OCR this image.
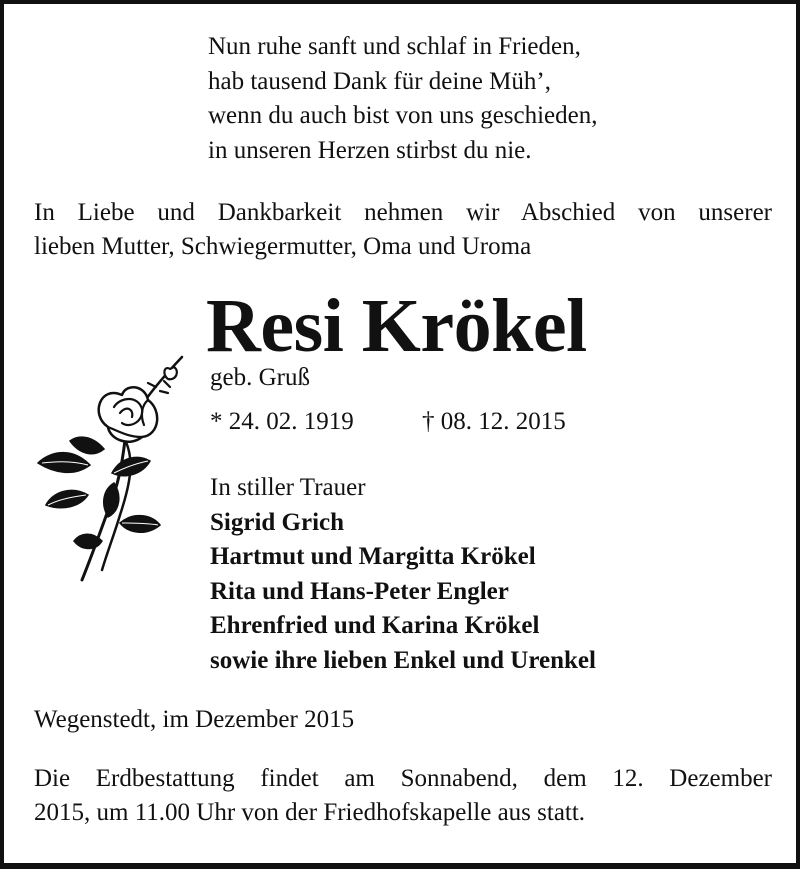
Nun ruhe sanft und schlaf in Frieden,
hab tausend Dank für deine Müh’,
wenn du auch bist von uns geschieden,
in unseren Herzen stirbst du nie.
In Liebe und Dankbarkeit nehmen wir Abschied von unserer
lieben Mutter, Schwiegermutter, Oma und Uroma
Resi Krökel
geb. Gruß
* 24. 02. 1919	† 08. 12. 2015
In stiller Trauer
Sigrid Grich
Hartmut und Margitta Krökel
Rita und Hans-Peter Engler
Ehrenfried und Karina Krökel
sowie ihre lieben Enkel und Urenkel
Wegenstedt, im Dezember 2015
Die Erdbestattung findet am Sonnabend, dem 12. Dezember
2015, um 11.00 Uhr von der Friedhofskapelle aus statt.
